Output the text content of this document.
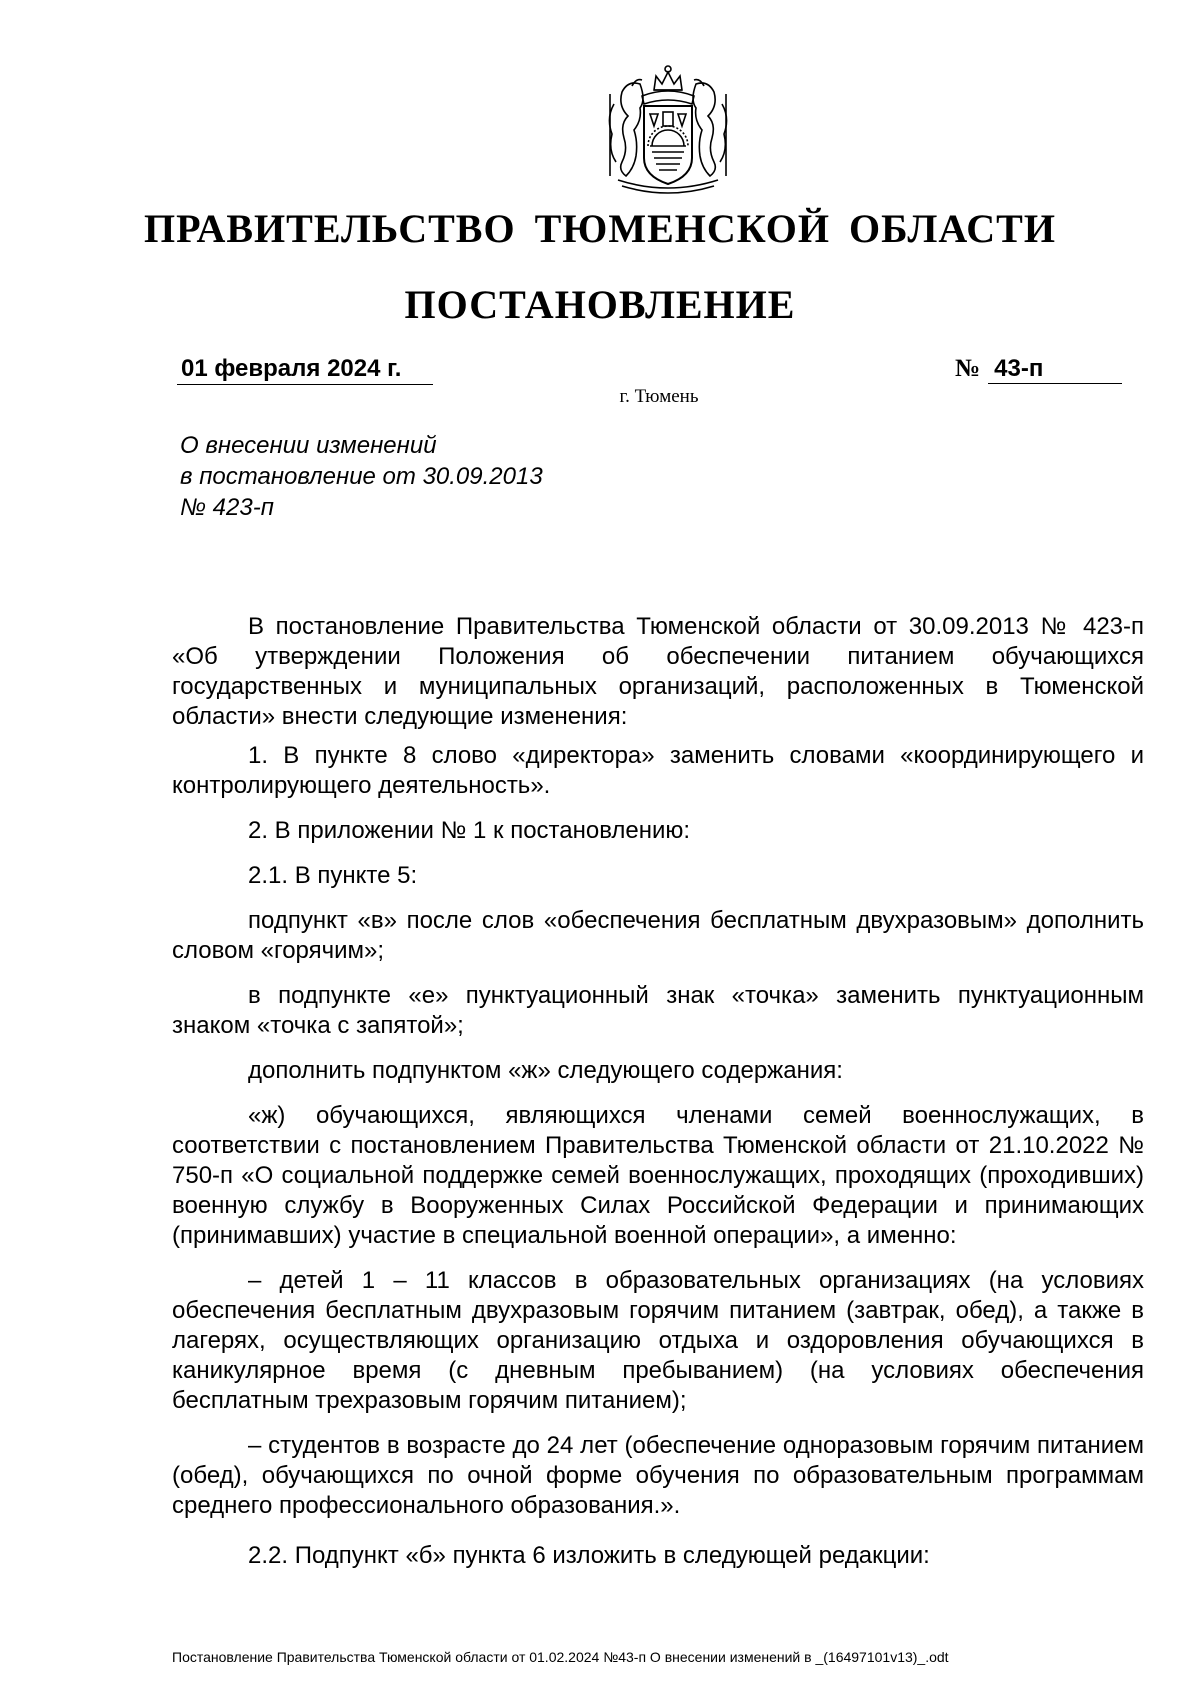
ПРАВИТЕЛЬСТВО ТЮМЕНСКОЙ ОБЛАСТИ
ПОСТАНОВЛЕНИЕ
01 февраля 2024 г.	№ 43-п
г. Тюмень
О внесении изменений
в постановление от 30.09.2013
№ 423-п

В постановление Правительства Тюменской области от 30.09.2013 № 423-п «Об утверждении Положения об обеспечении питанием обучающихся государственных и муниципальных организаций, расположенных в Тюменской области» внести следующие изменения:

1. В пункте 8 слово «директора» заменить словами «координирующего и контролирующего деятельность».

2. В приложении № 1 к постановлению:

2.1. В пункте 5:

подпункт «в» после слов «обеспечения бесплатным двухразовым» дополнить словом «горячим»;

в подпункте «е» пунктуационный знак «точка» заменить пунктуационным знаком «точка с запятой»;

дополнить подпунктом «ж» следующего содержания:

«ж) обучающихся, являющихся членами семей военнослужащих, в соответствии с постановлением Правительства Тюменской области от 21.10.2022 № 750-п «О социальной поддержке семей военнослужащих, проходящих (проходивших) военную службу в Вооруженных Силах Российской Федерации и принимающих (принимавших) участие в специальной военной операции», а именно:

– детей 1 – 11 классов в образовательных организациях (на условиях обеспечения бесплатным двухразовым горячим питанием (завтрак, обед), а также в лагерях, осуществляющих организацию отдыха и оздоровления обучающихся в каникулярное время (с дневным пребыванием) (на условиях обеспечения бесплатным трехразовым горячим питанием);

– студентов в возрасте до 24 лет (обеспечение одноразовым горячим питанием (обед), обучающихся по очной форме обучения по образовательным программам среднего профессионального образования.».

2.2. Подпункт «б» пункта 6 изложить в следующей редакции:

Постановление Правительства Тюменской области от 01.02.2024 №43-п О внесении изменений в _(16497101v13)_.odt
